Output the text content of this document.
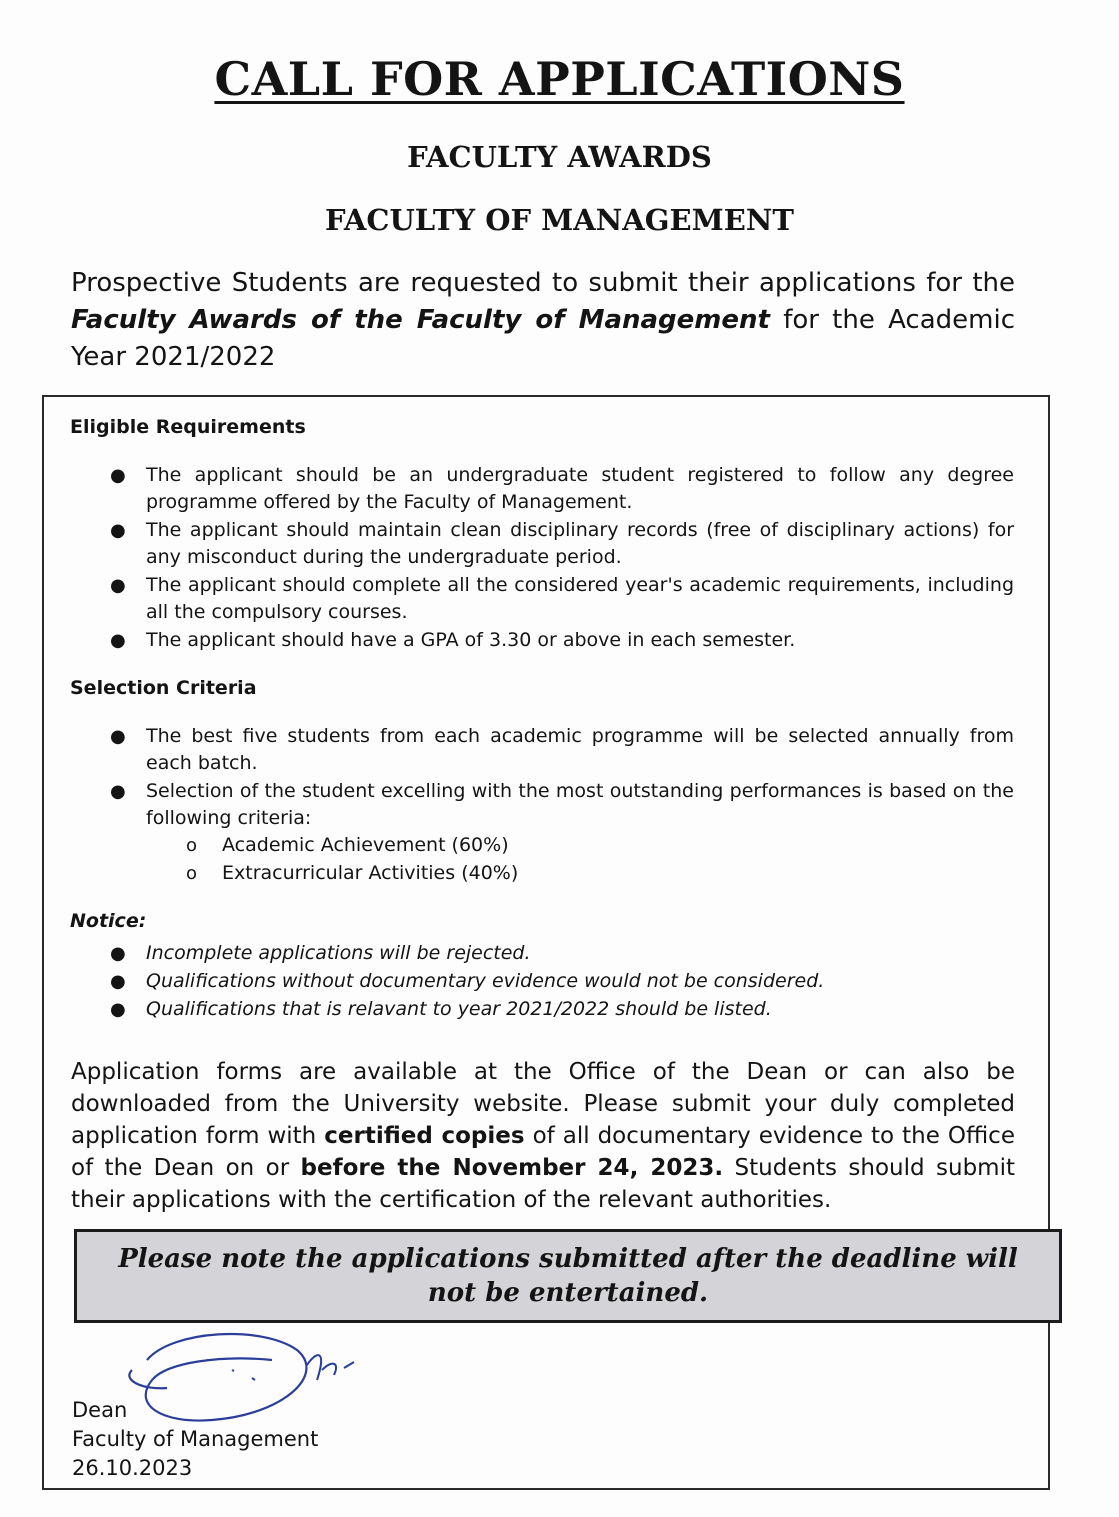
CALL FOR APPLICATIONS
FACULTY AWARDS
FACULTY OF MANAGEMENT
Prospective Students are requested to submit their applications for the Faculty Awards of the Faculty of Management for the Academic Year 2021/2022
Eligible Requirements
● The applicant should be an undergraduate student registered to follow any degree programme offered by the Faculty of Management.
● The applicant should maintain clean disciplinary records (free of disciplinary actions) for any misconduct during the undergraduate period.
● The applicant should complete all the considered year's academic requirements, including all the compulsory courses.
● The applicant should have a GPA of 3.30 or above in each semester.
Selection Criteria
● The best five students from each academic programme will be selected annually from each batch.
● Selection of the student excelling with the most outstanding performances is based on the following criteria:
o Academic Achievement (60%)
o Extracurricular Activities (40%)
Notice:
● Incomplete applications will be rejected.
● Qualifications without documentary evidence would not be considered.
● Qualifications that is relavant to year 2021/2022 should be listed.
Application forms are available at the Office of the Dean or can also be downloaded from the University website. Please submit your duly completed application form with certified copies of all documentary evidence to the Office of the Dean on or before the November 24, 2023. Students should submit their applications with the certification of the relevant authorities.
Please note the applications submitted after the deadline will not be entertained.
Dean
Faculty of Management
26.10.2023
